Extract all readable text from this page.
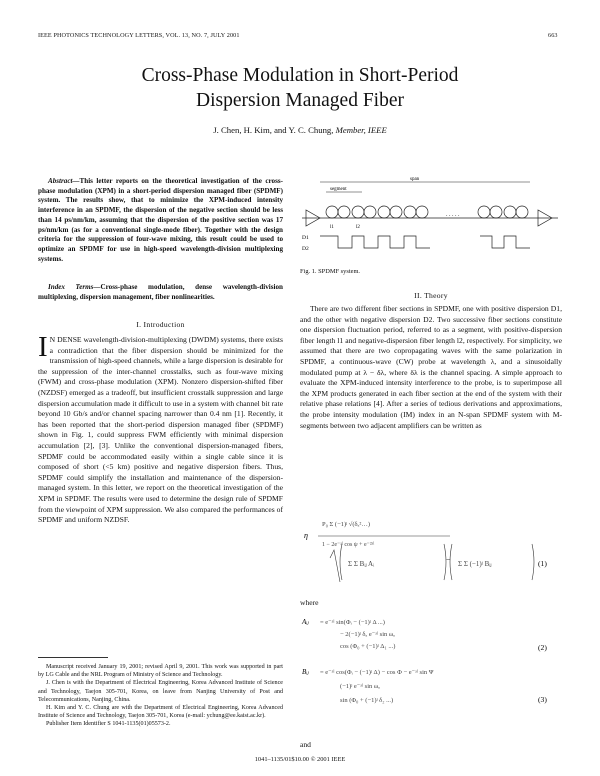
IEEE PHOTONICS TECHNOLOGY LETTERS, VOL. 13, NO. 7, JULY 2001	663
Cross-Phase Modulation in Short-Period
Dispersion Managed Fiber
J. Chen, H. Kim, and Y. C. Chung, Member, IEEE
Abstract—This letter reports on the theoretical investigation of the cross-phase modulation (XPM) in a short-period dispersion managed fiber (SPDMF) system. The results show, that to minimize the XPM-induced intensity interference in an SPDMF, the dispersion of the negative section should be less than 14 ps/nm/km, assuming that the dispersion of the positive section was 17 ps/nm/km (as for a conventional single-mode fiber). Together with the design criteria for the suppression of four-wave mixing, this result could be used to optimize an SPDMF for use in high-speed wavelength-division multiplexing systems.
Index Terms—Cross-phase modulation, dense wavelength-division multiplexing, dispersion management, fiber nonlinearities.
I. Introduction
I N DENSE wavelength-division-multiplexing (DWDM) systems, there exists a contradiction that the fiber dispersion should be minimized for the transmission of high-speed channels, while a large dispersion is desirable for the suppression of the inter-channel crosstalks, such as four-wave mixing (FWM) and cross-phase modulation (XPM). Nonzero dispersion-shifted fiber (NZDSF) emerged as a tradeoff, but insufficient crosstalk suppression and large dispersion accumulation made it difficult to use in a system with channel bit rate beyond 10 Gb/s and/or channel spacing narrower than 0.4 nm [1]. Recently, it has been reported that the short-period dispersion managed fiber (SPDMF) shown in Fig. 1, could suppress FWM efficiently with minimal dispersion accumulation [2], [3]. Unlike the conventional dispersion-managed fibers, SPDMF could be accommodated easily within a single cable since it is composed of short (<5 km) positive and negative dispersion fibers. Thus, SPDMF could simplify the installation and maintenance of the dispersion-managed system. In this letter, we report on the theoretical investigation of the XPM in SPDMF. The results were used to determine the design rule of SPDMF from the viewpoint of XPM suppression. We also compared the performances of SPDMF and uniform NZDSF.

Manuscript received January 19, 2001; revised April 9, 2001. This work was supported in part by LG Cable and the NRL Program of Ministry of Science and Technology.

J. Chen is with the Department of Electrical Engineering, Korea Advanced Institute of Science and Technology, Taejon 305-701, Korea, on leave from Nanjing University of Post and Telecommunications, Nanjing, China.

H. Kim and Y. C. Chung are with the Department of Electrical Engineering, Korea Advanced Institute of Science and Technology, Taejon 305-701, Korea (e-mail: ychung@ee.kaist.ac.kr).

Publisher Item Identifier S 1041-1135(01)05573-2.

span
segment
. . . . .
l1	l2
D1
D2
Fig. 1. SPDMF system.
II. Theory
There are two different fiber sections in SPDMF, one with positive dispersion D1, and the other with negative dispersion D2. Two successive fiber sections constitute one dispersion fluctuation period, referred to as a segment, with positive-dispersion fiber length l1 and negative-dispersion fiber length l2, respectively. For simplicity, we assumed that there are two copropagating waves with the same polarization in SPDMF, a continuous-wave (CW) probe at wavelength λ, and a sinusoidally modulated pump at λ − δλ, where δλ is the channel spacing. A simple approach to evaluate the XPM-induced intensity interference to the probe, is to superimpose all the XPM products generated in each fiber section at the end of the system with their relative phase relations [4]. After a series of tedious derivations and approximations, the probe intensity modulation (IM) index in an N-span SPDMF system with M-segments between two adjacent amplifiers can be written as
η
P₀ Σ (−1)ʲ √(δₐ²…)
1 − 2e⁻ᵃˡ cos ψ + e⁻²ᵃˡ
Σ Σ Bᵢⱼ Aᵢ	− Σ Σ (−1)ʲ Bᵢⱼ	(1)
where
Aᵢⱼ = e⁻ᵃˡ sin(Φᵢ − (−1)ʲ Δ ...)
− 2(−1)ʲ δₐ e⁻ᵃˡ sin ωₐ
cos (Φ₀ + (−1)ʲ Δ₁ ...)	(2)
Bᵢⱼ = e⁻ᵃˡ cos(Φᵢ − (−1)ʲ Δ) − cos Φ − e⁻ᵃˡ sin Ψ
(−1)ʲ e⁻ᵃˡ sin ωₐ
sin (Φ₀ + (−1)ʲ δ₂ ...)	(3)
and
1041–1135/01$10.00 © 2001 IEEE
